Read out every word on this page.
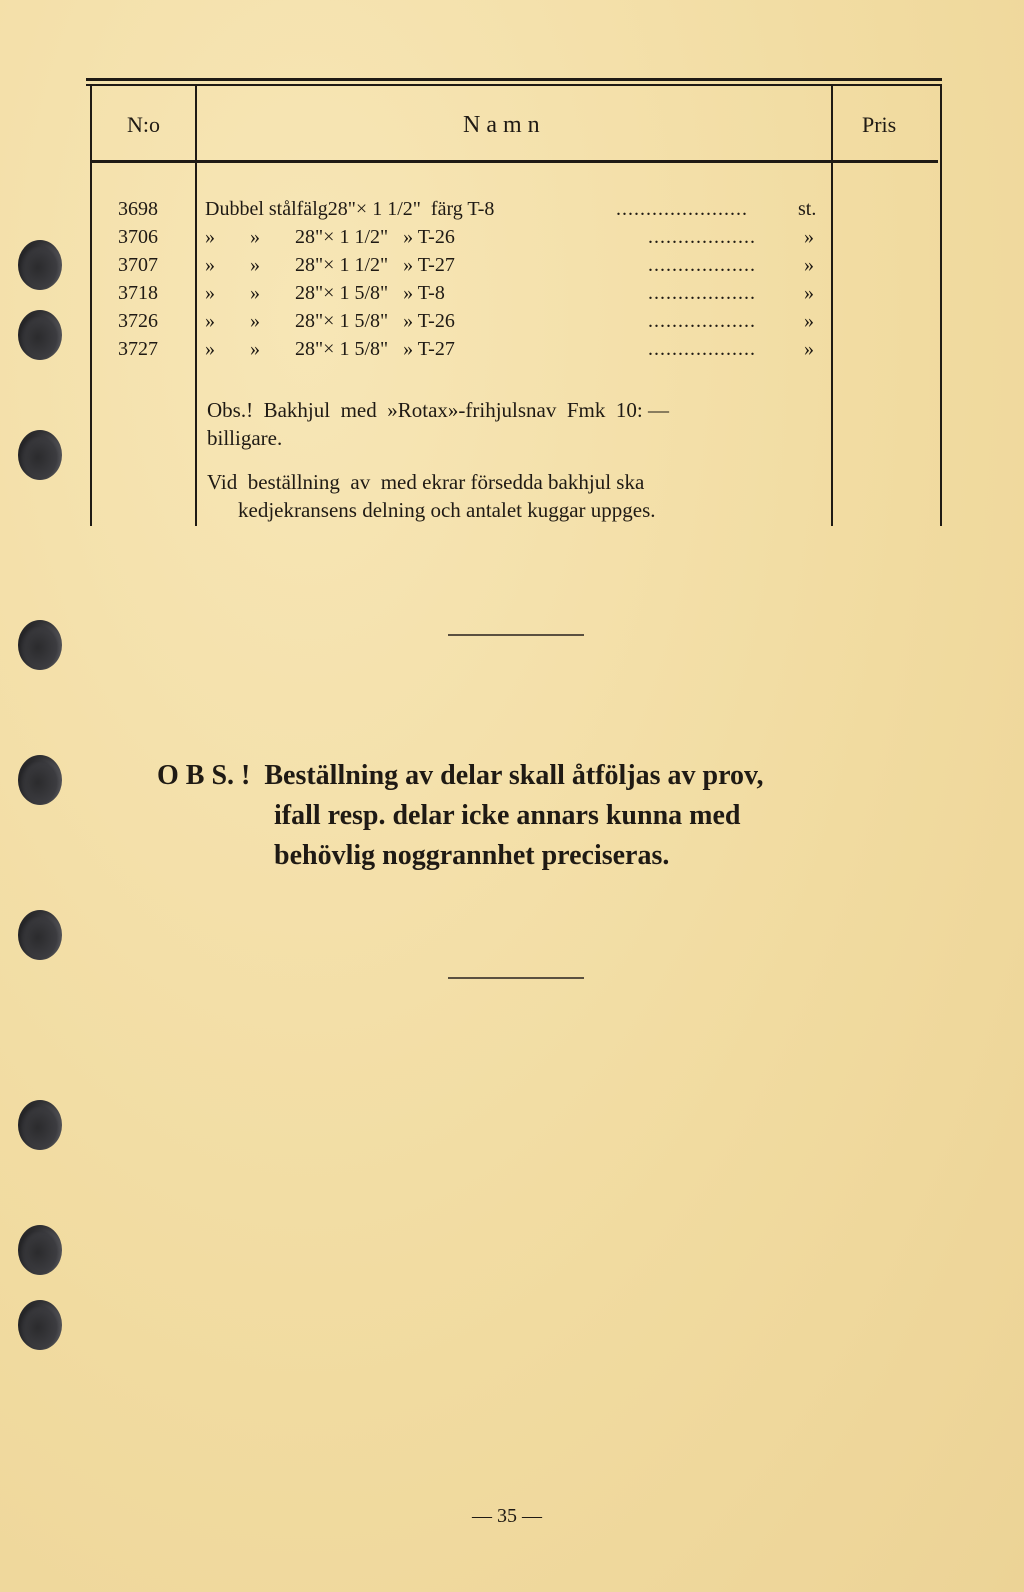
N:o	N a m n	Pris
3698 Dubbel stålfälg28"× 1 1/2"  färg T-8	......................	st.
3706 »       »       28"× 1 1/2"   » T-26	.................. »
3707 »       »       28"× 1 1/2"   » T-27	.................. »
3718 »       »       28"× 1 5/8"   » T-8	.................. »
3726 »       »       28"× 1 5/8"   » T-26	.................. »
3727 »       »       28"× 1 5/8"   » T-27	.................. »
Obs.!  Bakhjul  med  »Rotax»-frihjulsnav  Fmk  10: —
billigare.
Vid  beställning  av  med ekrar försedda bakhjul ska
kedjekransens delning och antalet kuggar uppges.
O B S. !  Beställning av delar skall åtföljas av prov,
ifall resp. delar icke annars kunna med
behövlig noggrannhet preciseras.
— 35 —
